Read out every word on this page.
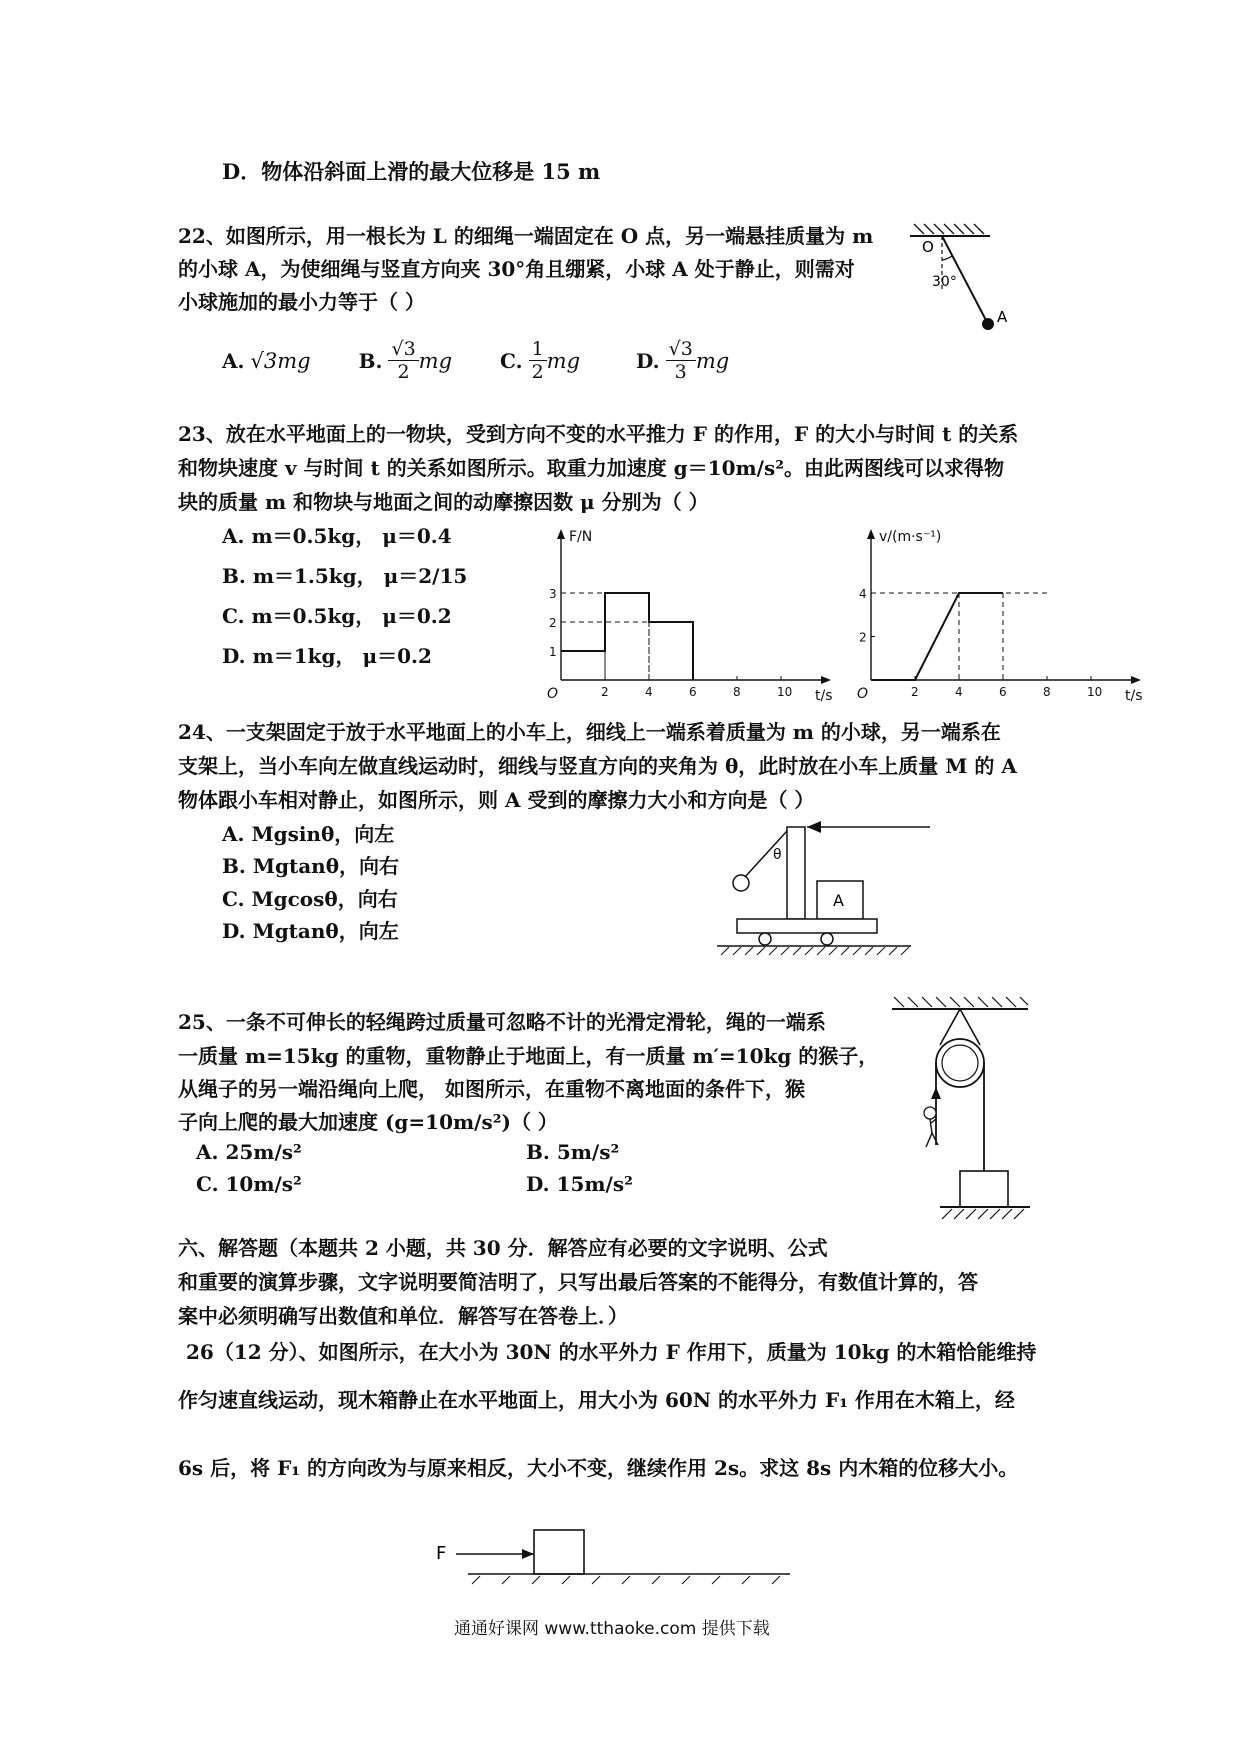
D．物体沿斜面上滑的最大位移是 15 m
22、如图所示，用一根长为 L 的细绳一端固定在 O 点，另一端悬挂质量为 m
的小球 A，为使细绳与竖直方向夹 30°角且绷紧，小球 A 处于静止，则需对
小球施加的最小力等于（ ）
O
30°
A
A. √3mg B. $\frac{√3}{2}$ mg C. $\frac{1}{2}$ mg	D. $\frac{√3}{3}$ mg
23、放在水平地面上的一物块，受到方向不变的水平推力 F 的作用，F 的大小与时间 t 的关系
和物块速度 v 与时间 t 的关系如图所示。取重力加速度 g＝10m/s²。由此两图线可以求得物
块的质量 m 和物块与地面之间的动摩擦因数 μ 分别为（ ）
A. m＝0.5kg， μ＝0.4
B. m＝1.5kg， μ＝2/15
C. m＝0.5kg， μ＝0.2
D. m＝1kg， μ＝0.2
F/N
t/s
O	2	4	6	8	10
1
2
3
v/(m·s⁻¹)
t/s
O	2	4	6	8	10
2
4
24、一支架固定于放于水平地面上的小车上，细线上一端系着质量为 m 的小球，另一端系在
支架上，当小车向左做直线运动时，细线与竖直方向的夹角为 θ，此时放在小车上质量 M 的 A
物体跟小车相对静止，如图所示，则 A 受到的摩擦力大小和方向是（ ）
A. Mgsinθ，向左
B. Mgtanθ，向右
C. Mgcosθ，向右
D. Mgtanθ，向左
θ
A
25、一条不可伸长的轻绳跨过质量可忽略不计的光滑定滑轮，绳的一端系
一质量 m=15kg 的重物，重物静止于地面上，有一质量 m′=10kg 的猴子，
从绳子的另一端沿绳向上爬， 如图所示，在重物不离地面的条件下，猴
子向上爬的最大加速度 (g=10m/s²)（ ）
A. 25m/s²	B. 5m/s²
C. 10m/s²	D. 15m/s²
六、解答题（本题共 2 小题，共 30 分．解答应有必要的文字说明、公式
和重要的演算步骤，文字说明要简洁明了，只写出最后答案的不能得分，有数值计算的，答
案中必须明确写出数值和单位．解答写在答卷上．）
26（12 分）、如图所示，在大小为 30N 的水平外力 F 作用下，质量为 10kg 的木箱恰能维持
作匀速直线运动，现木箱静止在水平地面上，用大小为 60N 的水平外力 F₁ 作用在木箱上，经
6s 后，将 F₁ 的方向改为与原来相反，大小不变，继续作用 2s。求这 8s 内木箱的位移大小。
F
通通好课网 www.tthaoke.com 提供下载
